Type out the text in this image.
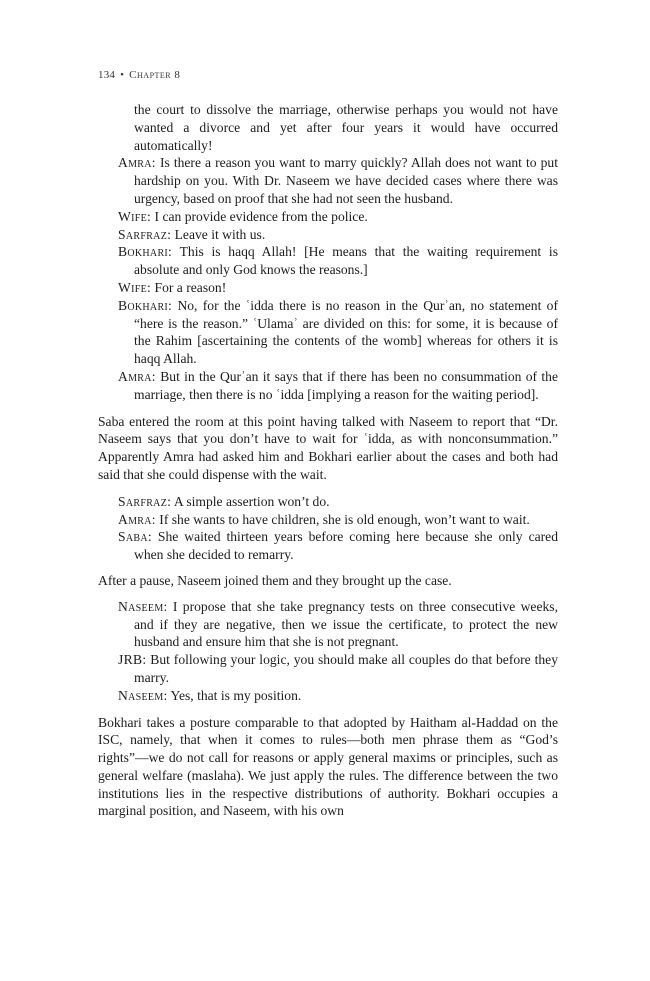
134 • Chapter 8

the court to dissolve the marriage, otherwise perhaps you would not have wanted a divorce and yet after four years it would have occurred automatically!

Amra: Is there a reason you want to marry quickly? Allah does not want to put hardship on you. With Dr. Naseem we have decided cases where there was urgency, based on proof that she had not seen the husband.

Wife: I can provide evidence from the police.

Sarfraz: Leave it with us.

Bokhari: This is haqq Allah! [He means that the waiting requirement is absolute and only God knows the reasons.]

Wife: For a reason!

Bokhari: No, for the ʿidda there is no reason in the Qurʾan, no statement of “here is the reason.” ʿUlamaʾ are divided on this: for some, it is because of the Rahim [ascertaining the contents of the womb] whereas for others it is haqq Allah.

Amra: But in the Qurʾan it says that if there has been no consummation of the marriage, then there is no ʿidda [implying a reason for the waiting period].

Saba entered the room at this point having talked with Naseem to report that “Dr. Naseem says that you don’t have to wait for ʿidda, as with nonconsummation.” Apparently Amra had asked him and Bokhari earlier about the cases and both had said that she could dispense with the wait.

Sarfraz: A simple assertion won’t do.

Amra: If she wants to have children, she is old enough, won’t want to wait.

Saba: She waited thirteen years before coming here because she only cared when she decided to remarry.

After a pause, Naseem joined them and they brought up the case.

Naseem: I propose that she take pregnancy tests on three consecutive weeks, and if they are negative, then we issue the certificate, to protect the new husband and ensure him that she is not pregnant.

JRB: But following your logic, you should make all couples do that before they marry.

Naseem: Yes, that is my position.

Bokhari takes a posture comparable to that adopted by Haitham al-Haddad on the ISC, namely, that when it comes to rules—both men phrase them as “God’s rights”—we do not call for reasons or apply general maxims or principles, such as general welfare (maslaha). We just apply the rules. The difference between the two institutions lies in the respective distributions of authority. Bokhari occupies a marginal position, and Naseem, with his own
